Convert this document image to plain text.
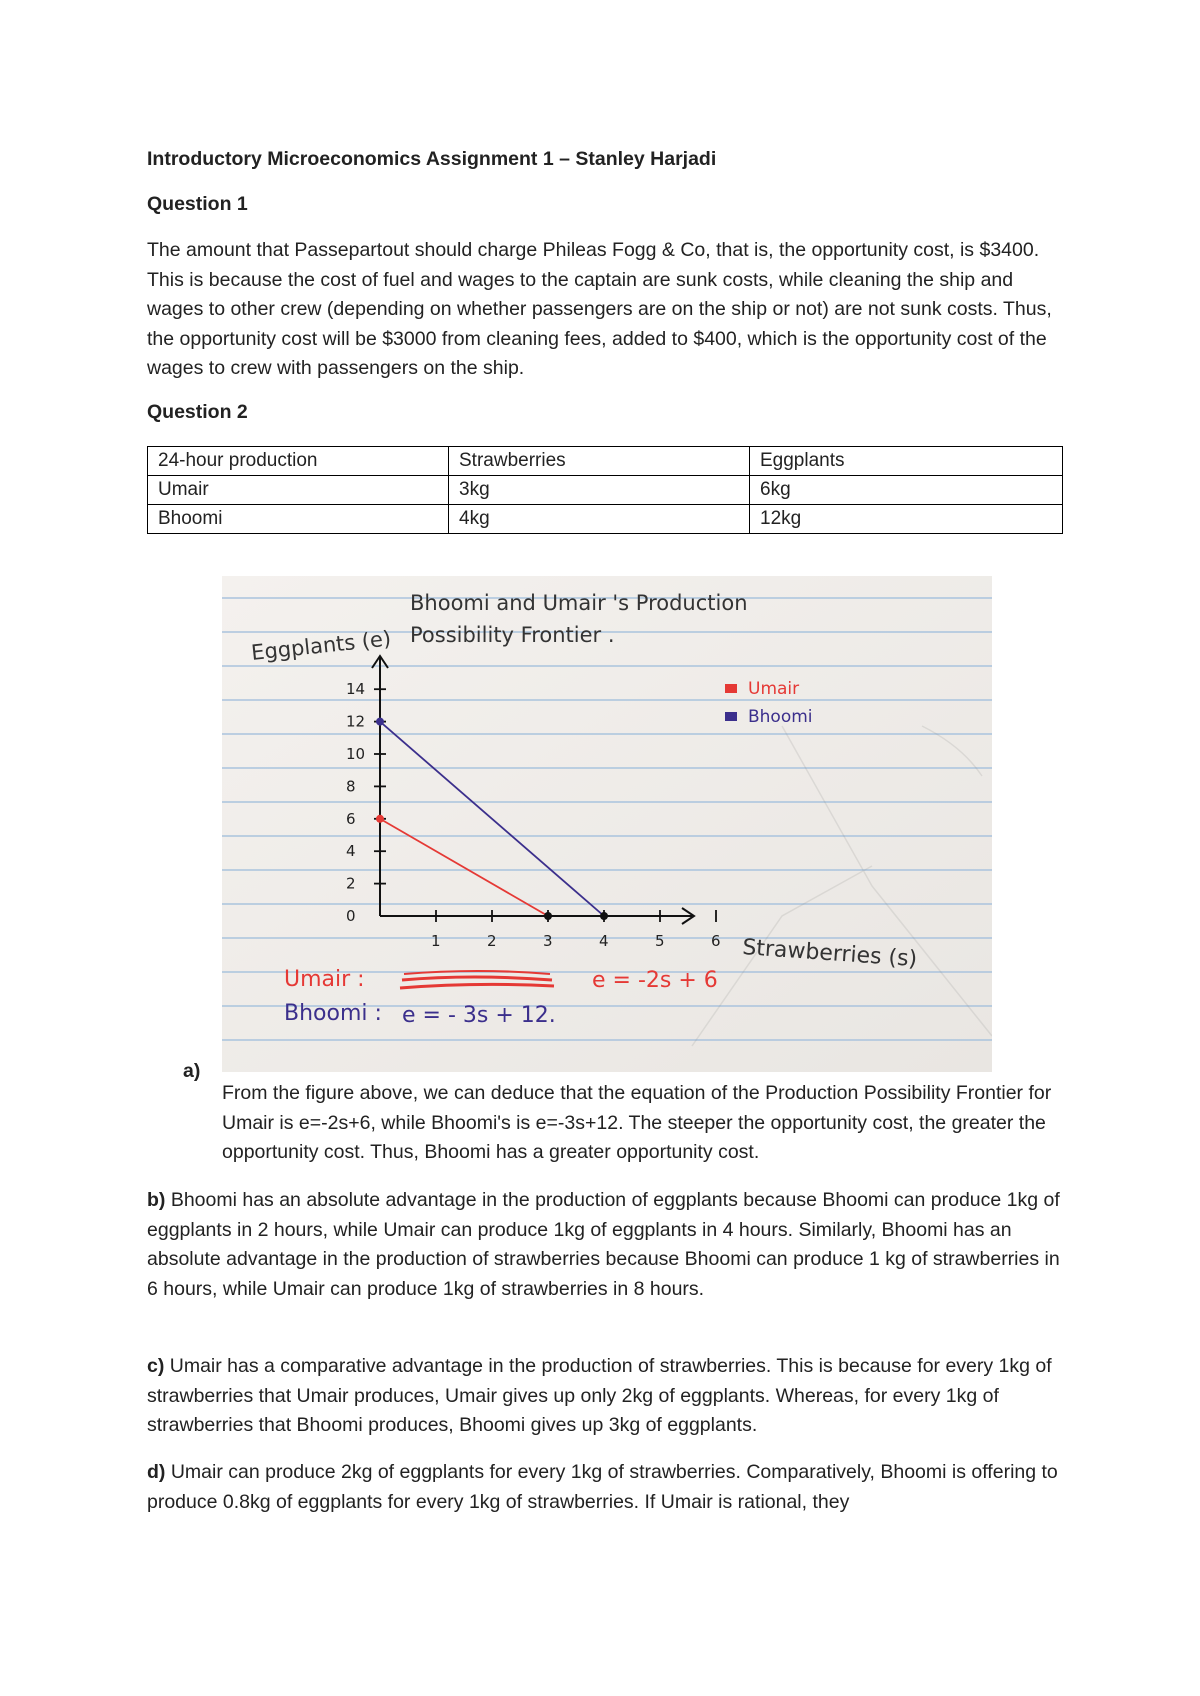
Introductory Microeconomics Assignment 1 – Stanley Harjadi
Question 1

The amount that Passepartout should charge Phileas Fogg & Co, that is, the opportunity cost, is $3400. This is because the cost of fuel and wages to the captain are sunk costs, while cleaning the ship and wages to other crew (depending on whether passengers are on the ship or not) are not sunk costs. Thus, the opportunity cost will be $3000 from cleaning fees, added to $400, which is the opportunity cost of the wages to crew with passengers on the ship.

Question 2
24-hour production	Strawberries	Eggplants
Umair	3kg	6kg
Bhoomi	4kg	12kg
Bhoomi and Umair 's Production
Possibility Frontier .
Eggplants (e)
Strawberries (s)
Umair
Bhoomi
0
2
4
6
8
10
12
14
1	2	3	4	5	6
Umair :	e = -2s + 6
Bhoomi : e = - 3s + 12.
a)

From the figure above, we can deduce that the equation of the Production Possibility Frontier for Umair is e=-2s+6, while Bhoomi's is e=-3s+12. The steeper the opportunity cost, the greater the opportunity cost. Thus, Bhoomi has a greater opportunity cost.

b) Bhoomi has an absolute advantage in the production of eggplants because Bhoomi can produce 1kg of eggplants in 2 hours, while Umair can produce 1kg of eggplants in 4 hours. Similarly, Bhoomi has an absolute advantage in the production of strawberries because Bhoomi can produce 1 kg of strawberries in 6 hours, while Umair can produce 1kg of strawberries in 8 hours.

c) Umair has a comparative advantage in the production of strawberries. This is because for every 1kg of strawberries that Umair produces, Umair gives up only 2kg of eggplants. Whereas, for every 1kg of strawberries that Bhoomi produces, Bhoomi gives up 3kg of eggplants.

d) Umair can produce 2kg of eggplants for every 1kg of strawberries. Comparatively, Bhoomi is offering to produce 0.8kg of eggplants for every 1kg of strawberries. If Umair is rational, they
